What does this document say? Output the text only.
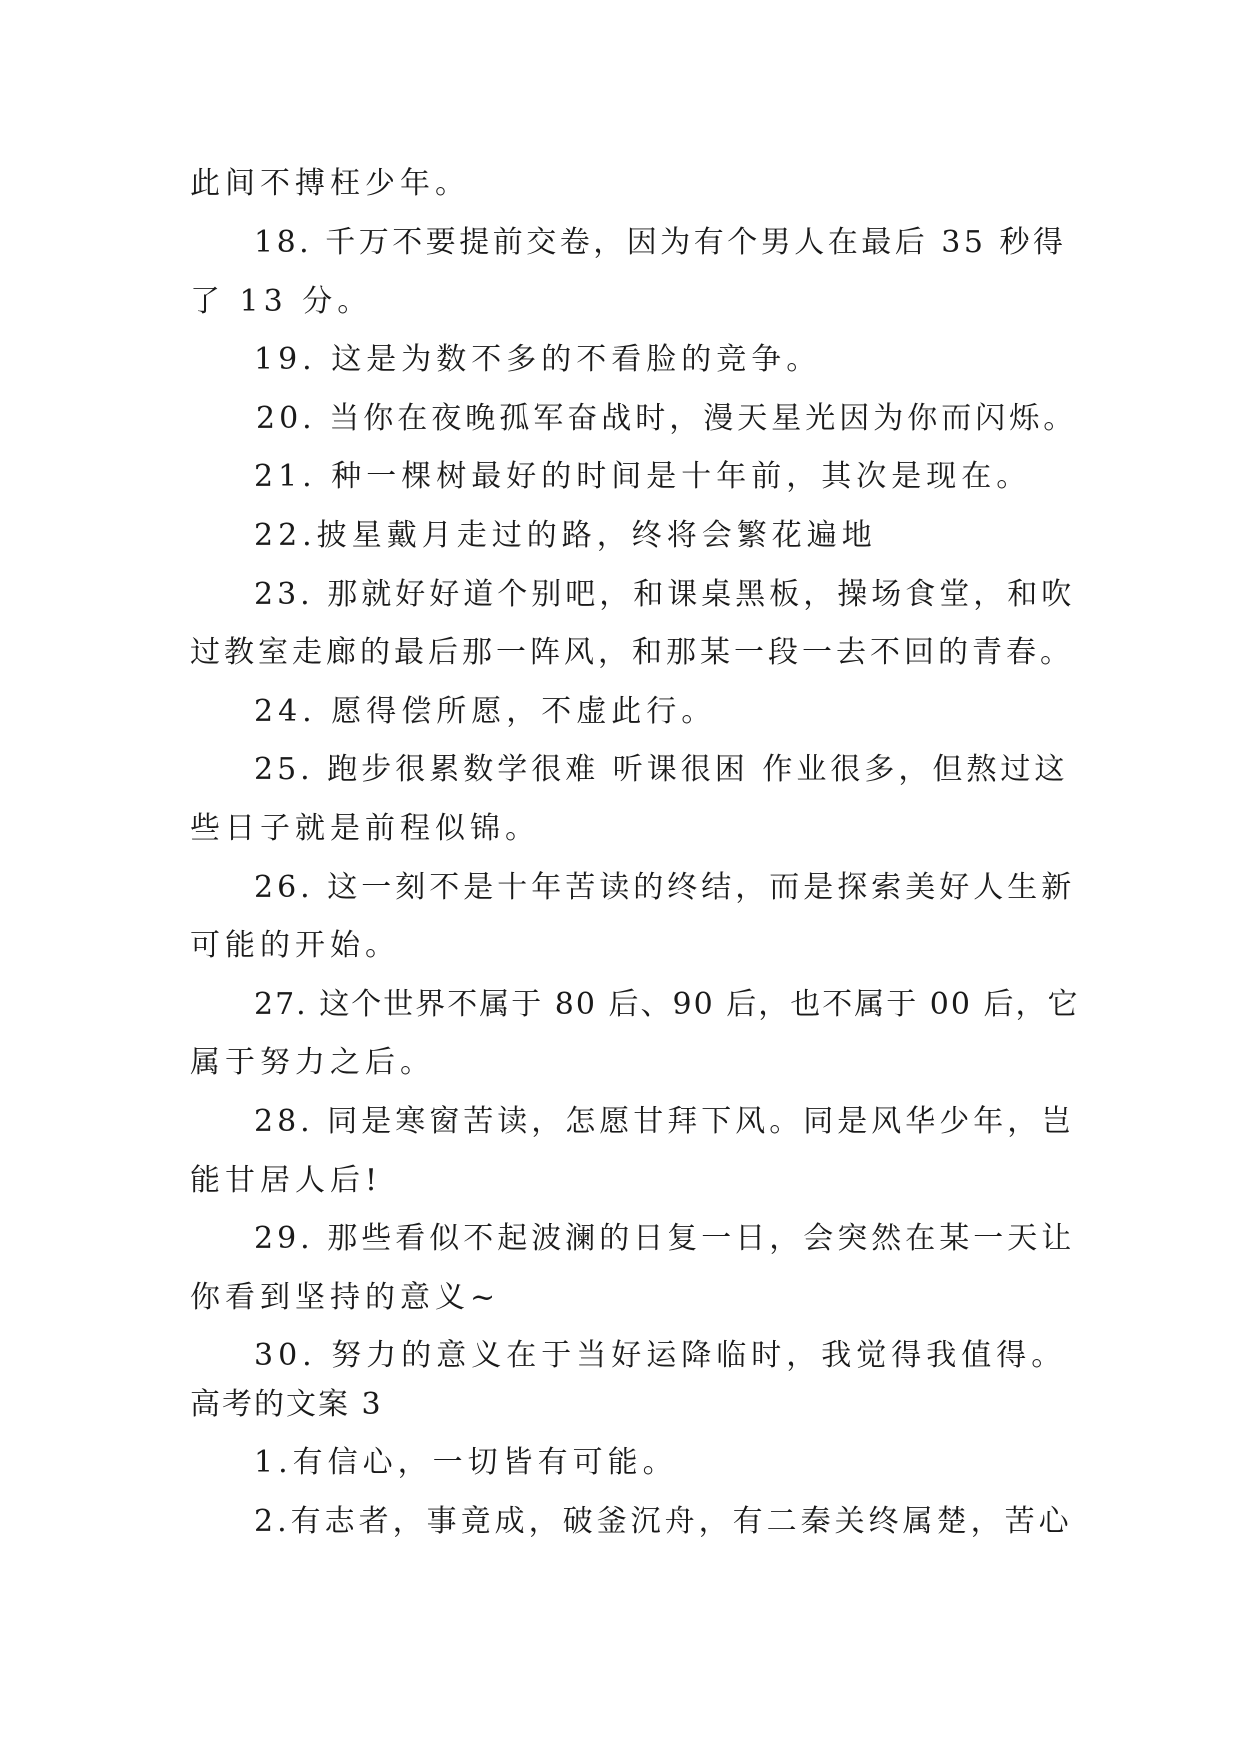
此间不搏枉少年。
18. 千万不要提前交卷，因为有个男人在最后 35 秒得
了 13 分。
19. 这是为数不多的不看脸的竞争。
20. 当你在夜晚孤军奋战时，漫天星光因为你而闪烁。
21. 种一棵树最好的时间是十年前，其次是现在。
22.披星戴月走过的路，终将会繁花遍地
23. 那就好好道个别吧，和课桌黑板，操场食堂，和吹
过教室走廊的最后那一阵风，和那某一段一去不回的青春。
24. 愿得偿所愿，不虚此行。
25. 跑步很累数学很难 听课很困 作业很多，但熬过这
些日子就是前程似锦。
26. 这一刻不是十年苦读的终结，而是探索美好人生新
可能的开始。
27. 这个世界不属于 80 后、90 后，也不属于 00 后，它
属于努力之后。
28. 同是寒窗苦读，怎愿甘拜下风。同是风华少年，岂
能甘居人后!
29. 那些看似不起波澜的日复一日，会突然在某一天让
你看到坚持的意义~
30. 努力的意义在于当好运降临时，我觉得我值得。
高考的文案 3
1.有信心，一切皆有可能。
2.有志者，事竟成，破釜沉舟，有二秦关终属楚，苦心
